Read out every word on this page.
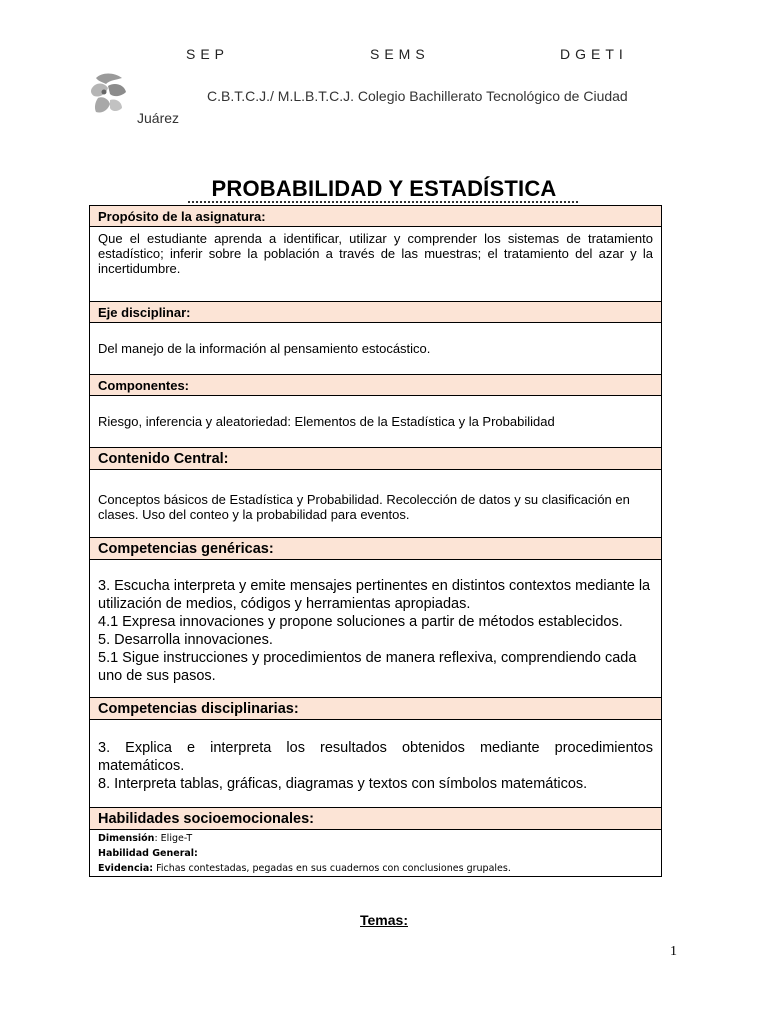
SEP	SEMS	DGETI
C.B.T.C.J./ M.L.B.T.C.J. Colegio Bachillerato Tecnológico de Ciudad
Juárez
PROBABILIDAD Y ESTADÍSTICA
Propósito de la asignatura:
Que el estudiante aprenda a identificar, utilizar y comprender los sistemas de tratamiento estadístico; inferir sobre la población a través de las muestras; el tratamiento del azar y la incertidumbre.
Eje disciplinar:
Del manejo de la información al pensamiento estocástico.
Componentes:
Riesgo, inferencia y aleatoriedad: Elementos de la Estadística y la Probabilidad
Contenido Central:
Conceptos básicos de Estadística y Probabilidad. Recolección de datos y su clasificación en clases. Uso del conteo y la probabilidad para eventos.
Competencias genéricas:

3. Escucha interpreta y emite mensajes pertinentes en distintos contextos mediante la utilización de medios, códigos y herramientas apropiadas.
4.1 Expresa innovaciones y propone soluciones a partir de métodos establecidos.
5. Desarrolla innovaciones.
5.1 Sigue instrucciones y procedimientos de manera reflexiva, comprendiendo cada uno de sus pasos.

Competencias disciplinarias:

3. Explica e interpreta los resultados obtenidos mediante procedimientos matemáticos.
8. Interpreta tablas, gráficas, diagramas y textos con símbolos matemáticos.

Habilidades socioemocionales:

Dimensión: Elige-T
Habilidad General:
Evidencia: Fichas contestadas, pegadas en sus cuadernos con conclusiones grupales.
Temas:
1
